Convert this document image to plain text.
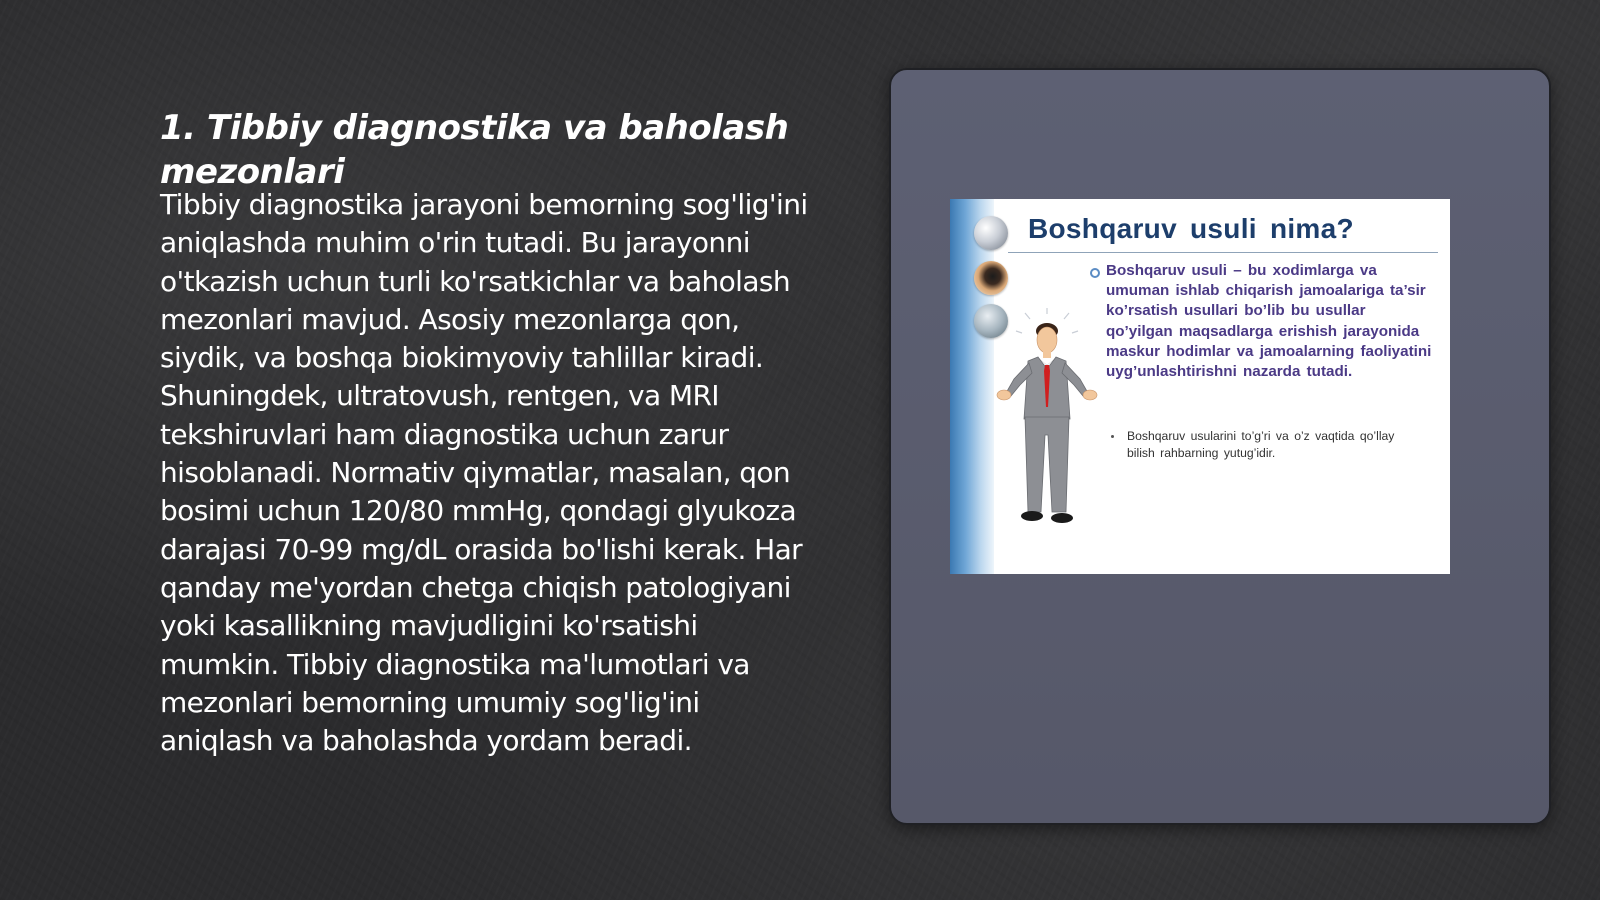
1. Tibbiy diagnostika va baholash mezonlari

Tibbiy diagnostika jarayoni bemorning sog'lig'ini aniqlashda muhim o'rin tutadi. Bu jarayonni o'tkazish uchun turli ko'rsatkichlar va baholash mezonlari mavjud. Asosiy mezonlarga qon, siydik, va boshqa biokimyoviy tahlillar kiradi. Shuningdek, ultratovush, rentgen, va MRI tekshiruvlari ham diagnostika uchun zarur hisoblanadi. Normativ qiymatlar, masalan, qon bosimi uchun 120/80 mmHg, qondagi glyukoza darajasi 70-99 mg/dL orasida bo'lishi kerak. Har qanday me'yordan chetga chiqish patologiyani yoki kasallikning mavjudligini ko'rsatishi mumkin. Tibbiy diagnostika ma'lumotlari va mezonlari bemorning umumiy sog'lig'ini aniqlash va baholashda yordam beradi.

Boshqaruv usuli nima?

Boshqaruv usuli – bu xodimlarga va umuman ishlab chiqarish jamoalariga ta’sir ko’rsatish usullari bo’lib bu usullar qo’yilgan maqsadlarga erishish jarayonida maskur hodimlar va jamoalarning faoliyatini uyg’unlashtirishni nazarda tutadi.

Boshqaruv usularini to’g’ri va o’z vaqtida qo’llay bilish rahbarning yutug’idir.
